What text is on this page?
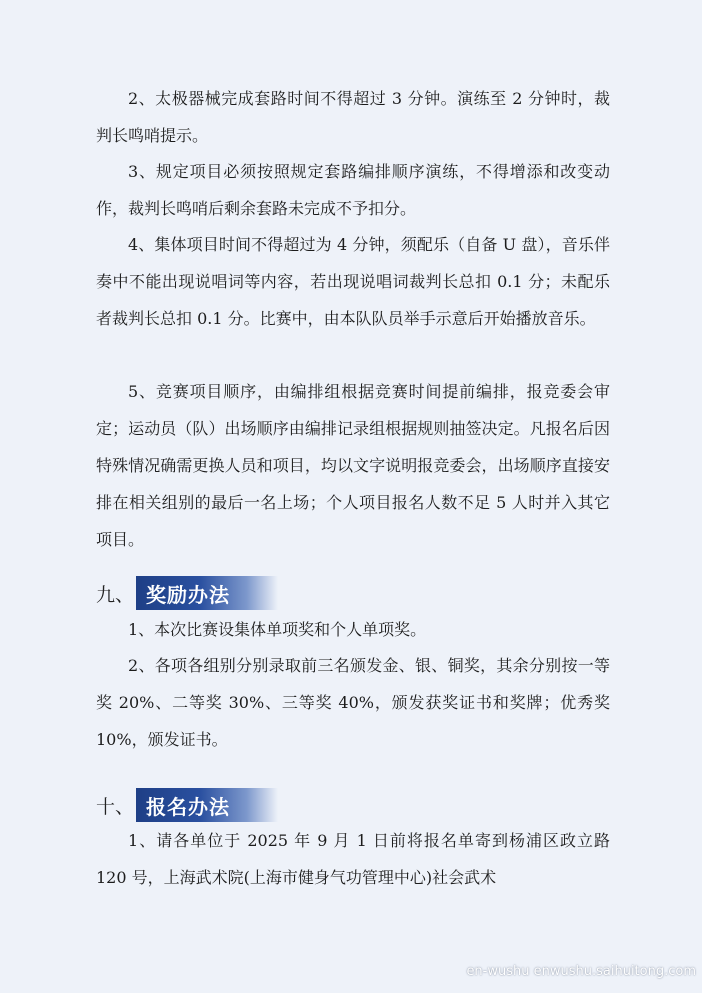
2、太极器械完成套路时间不得超过 3 分钟。演练至 2 分钟时，裁判长鸣哨提示。

3、规定项目必须按照规定套路编排顺序演练，不得增添和改变动作，裁判长鸣哨后剩余套路未完成不予扣分。

4、集体项目时间不得超过为 4 分钟，须配乐（自备 U 盘），音乐伴奏中不能出现说唱词等内容，若出现说唱词裁判长总扣 0.1 分；未配乐者裁判长总扣 0.1 分。比赛中，由本队队员举手示意后开始播放音乐。

5、竞赛项目顺序，由编排组根据竞赛时间提前编排，报竞委会审定；运动员（队）出场顺序由编排记录组根据规则抽签决定。凡报名后因特殊情况确需更换人员和项目，均以文字说明报竞委会，出场顺序直接安排在相关组别的最后一名上场；个人项目报名人数不足 5 人时并入其它项目。

九、 奖励办法

1、本次比赛设集体单项奖和个人单项奖。

2、各项各组别分别录取前三名颁发金、银、铜奖，其余分别按一等奖 20%、二等奖 30%、三等奖 40%，颁发获奖证书和奖牌；优秀奖 10%，颁发证书。

十、 报名办法

1、请各单位于 2025 年 9 月 1 日前将报名单寄到杨浦区政立路 120 号，上海武术院(上海市健身气功管理中心)社会武术

en-wushu enwushu.saihuitong.com
